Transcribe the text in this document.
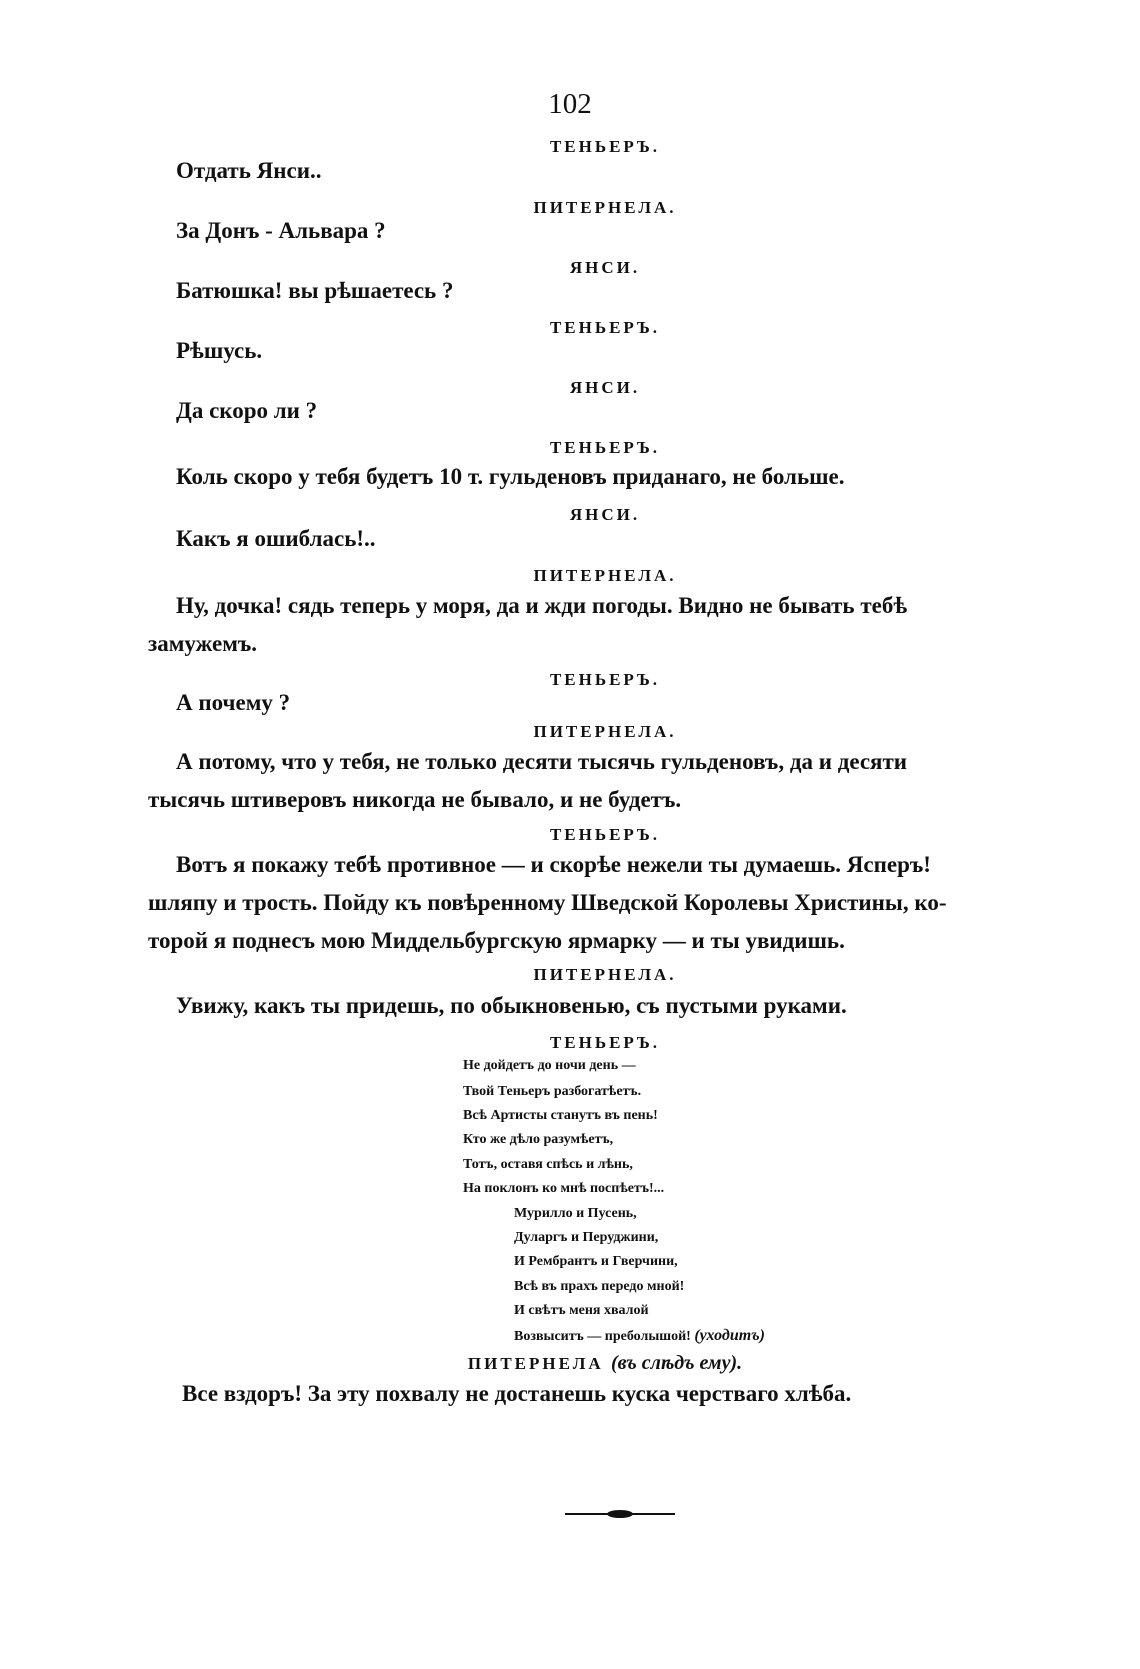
102
ТЕНЬЕРЪ.
Отдать Янси..
ПИТЕРНЕЛА.
За Донъ - Альвара ?
ЯНСИ.
Батюшка! вы рѣшаетесь ?
ТЕНЬЕРЪ.
Рѣшусь.
ЯНСИ.
Да скоро ли ?
ТЕНЬЕРЪ.
Коль скоро у тебя будетъ 10 т. гульденовъ приданаго, не больше.
ЯНСИ.
Какъ я ошиблась!..
ПИТЕРНЕЛА.
Ну, дочка! сядь теперь у моря, да и жди погоды. Видно не бывать тебѣ
замужемъ.
ТЕНЬЕРЪ.
А почему ?
ПИТЕРНЕЛА.
А потому, что у тебя, не только десяти тысячь гульденовъ, да и десяти
тысячь штиверовъ никогда не бывало, и не будетъ.
ТЕНЬЕРЪ.
Вотъ я покажу тебѣ противное — и скорѣе нежели ты думаешь. Ясперъ!
шляпу и трость. Пойду къ повѣренному Шведской Королевы Христины, ко-
торой я поднесъ мою Миддельбургскую ярмарку — и ты увидишь.
ПИТЕРНЕЛА.
Увижу, какъ ты придешь, по обыкновенью, съ пустыми руками.
ТЕНЬЕРЪ.
Не дойдетъ до ночи день —
Твой Теньеръ разбогатѣетъ.
Всѣ Артисты станутъ въ пень!
Кто же дѣло разумѣетъ,
Тотъ, оставя спѣсь и лѣнь,
На поклонъ ко мнѣ поспѣетъ!...
Мурилло и Пусень,
Дуларгъ и Перуджини,
И Рембрантъ и Гверчини,
Всѣ въ прахъ передо мной!
И свѣтъ меня хвалой
Возвыситъ — преболышой! (уходитъ)
ПИТЕРНЕЛА (въ слѣдъ ему).
Все вздоръ! За эту похвалу не достанешь куска черстваго хлѣба.
